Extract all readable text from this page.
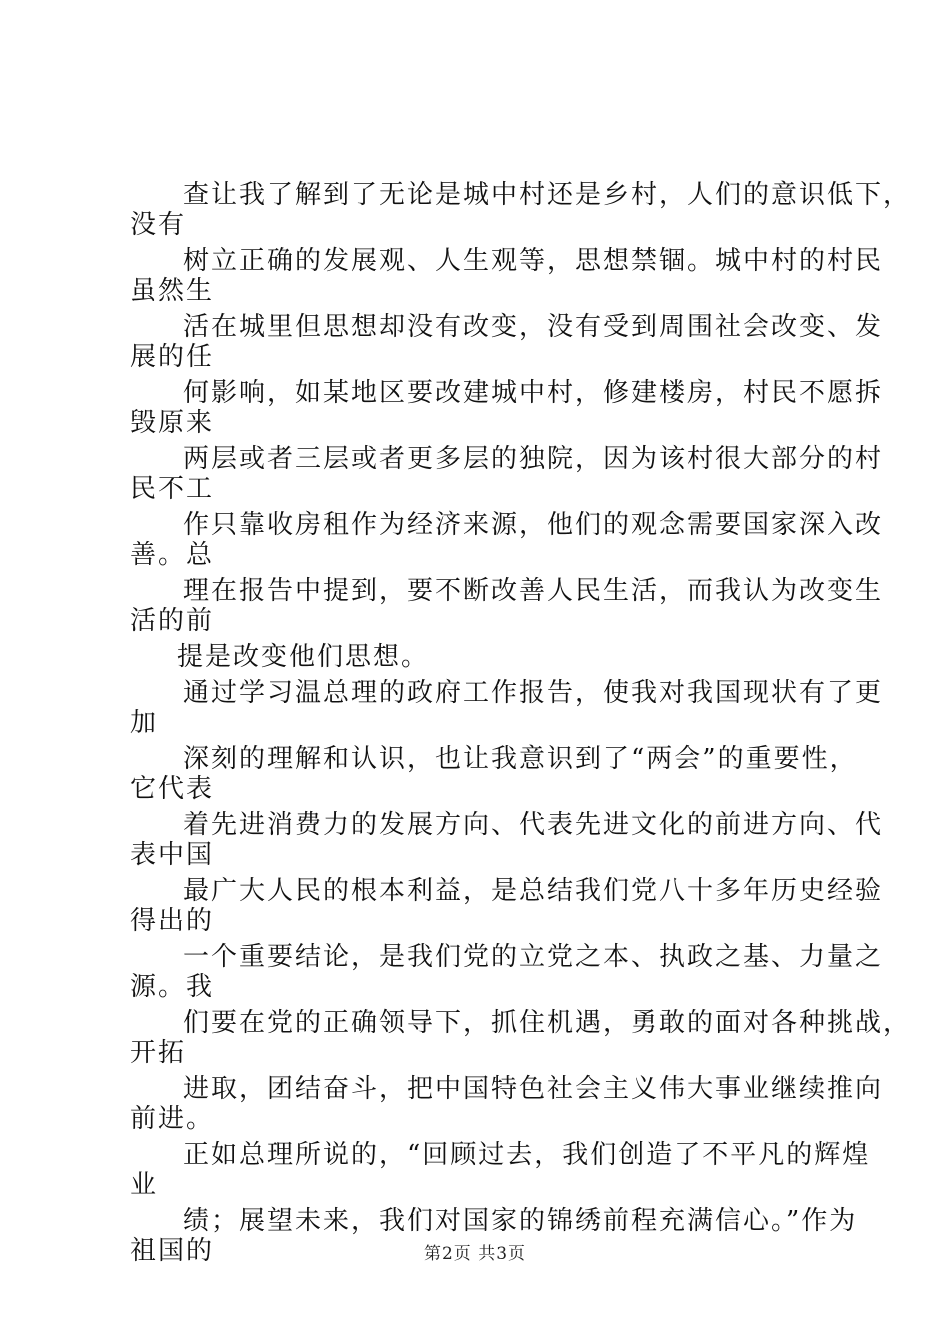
查让我了解到了无论是城中村还是乡村，人们的意识低下，
没有
树立正确的发展观、人生观等，思想禁锢。城中村的村民
虽然生
活在城里但思想却没有改变，没有受到周围社会改变、发
展的任
何影响，如某地区要改建城中村，修建楼房，村民不愿拆
毁原来
两层或者三层或者更多层的独院，因为该村很大部分的村
民不工
作只靠收房租作为经济来源，他们的观念需要国家深入改
善。总
理在报告中提到，要不断改善人民生活，而我认为改变生
活的前
提是改变他们思想。
通过学习温总理的政府工作报告，使我对我国现状有了更
加
深刻的理解和认识，也让我意识到了“两会”的重要性，
它代表
着先进消费力的发展方向、代表先进文化的前进方向、代
表中国
最广大人民的根本利益，是总结我们党八十多年历史经验
得出的
一个重要结论，是我们党的立党之本、执政之基、力量之
源。我
们要在党的正确领导下，抓住机遇，勇敢的面对各种挑战，
开拓
进取，团结奋斗，把中国特色社会主义伟大事业继续推向
前进。
正如总理所说的，“回顾过去，我们创造了不平凡的辉煌
业
绩；展望未来，我们对国家的锦绣前程充满信心。”作为
祖国的	第2页 共3页
